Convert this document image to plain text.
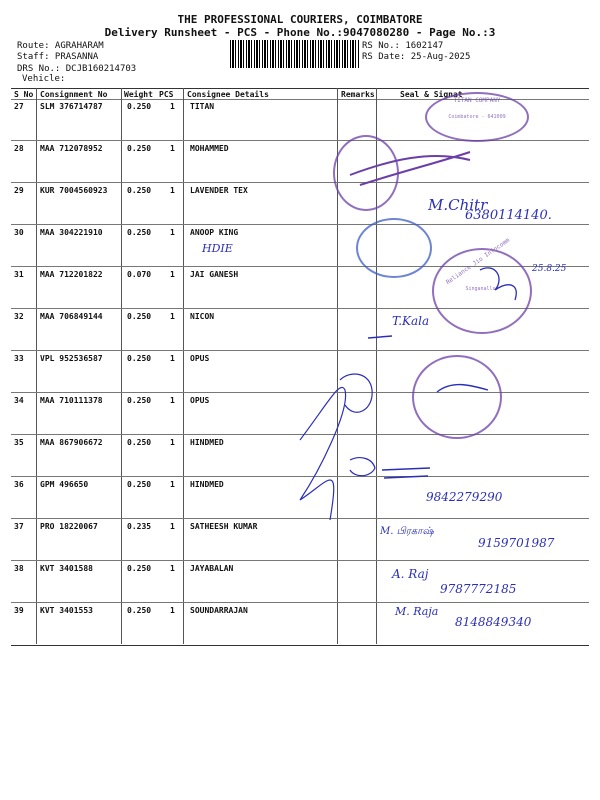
THE PROFESSIONAL COURIERS, COIMBATORE
Delivery Runsheet - PCS - Phone No.:9047080280 - Page No.:3
Route: AGRAHARAM
Staff: PRASANNA
DRS No.: DCJB160214703
Vehicle:
RS No.: 1602147
RS Date: 25-Aug-2025
S No Consignment No Weight PCS Consignee Details	Remarks	Seal & Signat
27 SLM 376714787	0.250 1 TITAN
28 MAA 712078952	0.250 1 MOHAMMED
29 KUR 7004560923 0.250 1 LAVENDER TEX
30 MAA 304221910	0.250 1 ANOOP KING
31 MAA 712201822	0.070 1 JAI GANESH
32 MAA 706849144	0.250 1 NICON
33 VPL 952536587	0.250 1 OPUS
34 MAA 710111378	0.250 1 OPUS
35 MAA 867906672	0.250 1 HINDMED
36 GPM 496650	0.250 1 HINDMED
37 PRO 18220067	0.235 1 SATHEESH KUMAR
38 KVT 3401588	0.250 1 JAYABALAN
39 KVT 3401553	0.250 1 SOUNDARRAJAN
TITAN COMPANY
Coimbatore - 641009
Reliance Jio Infocomm
Singanallur
M.Chitr
6380114140.
HDIE
25.8.25
T.Kala
9842279290
M. பிரகாஷ்
9159701987
A. Raj
9787772185
M. Raja
8148849340
